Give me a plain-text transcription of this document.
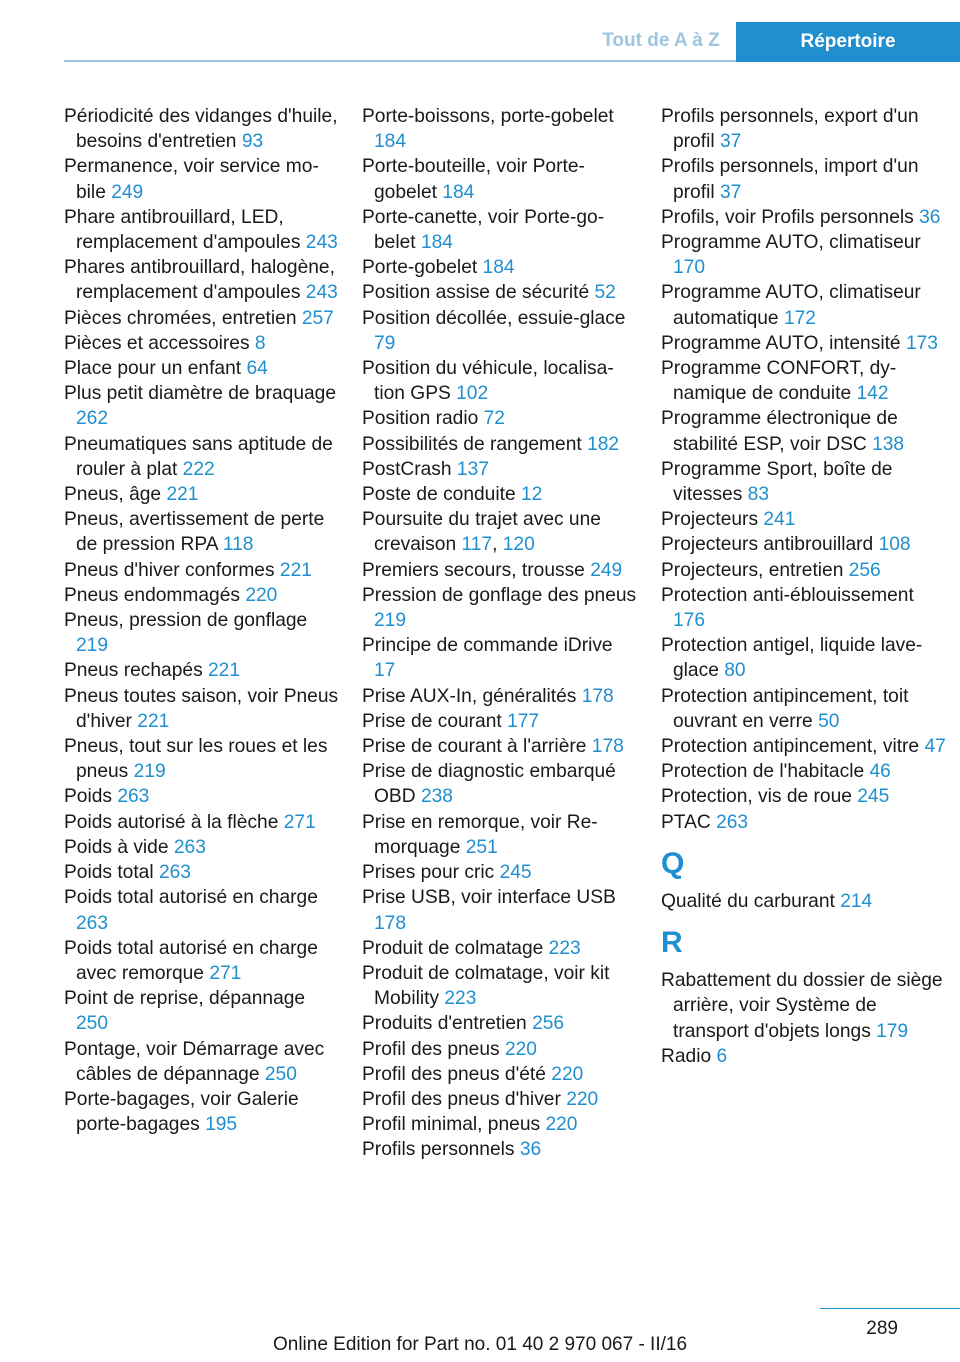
Tout de A à Z	Répertoire
Périodicité des vidanges d'huile, besoins d'entretien 93
Permanence, voir service mobile 249
Phare antibrouillard, LED, remplacement d'ampoules 243
Phares antibrouillard, halogène, remplacement d'ampoules 243
Pièces chromées, entretien 257
Pièces et accessoires 8
Place pour un enfant 64
Plus petit diamètre de braquage 262
Pneumatiques sans aptitude de rouler à plat 222
Pneus, âge 221
Pneus, avertissement de perte de pression RPA 118
Pneus d'hiver conformes 221
Pneus endommagés 220
Pneus, pression de gonflage 219
Pneus rechapés 221
Pneus toutes saison, voir Pneus d'hiver 221
Pneus, tout sur les roues et les pneus 219
Poids 263
Poids autorisé à la flèche 271
Poids à vide 263
Poids total 263
Poids total autorisé en charge 263
Poids total autorisé en charge avec remorque 271
Point de reprise, dépannage 250
Pontage, voir Démarrage avec câbles de dépannage 250
Porte-bagages, voir Galerie porte-bagages 195
Porte-boissons, porte-gobelet 184
Porte-bouteille, voir Porte-gobelet 184
Porte-canette, voir Porte-gobelet 184
Porte-gobelet 184
Position assise de sécurité 52
Position décollée, essuie-glace 79
Position du véhicule, localisation GPS 102
Position radio 72
Possibilités de rangement 182
PostCrash 137
Poste de conduite 12
Poursuite du trajet avec une crevaison 117, 120
Premiers secours, trousse 249
Pression de gonflage des pneus 219
Principe de commande iDrive 17
Prise AUX-In, généralités 178
Prise de courant 177
Prise de courant à l'arrière 178
Prise de diagnostic embarqué OBD 238
Prise en remorque, voir Remorquage 251
Prises pour cric 245
Prise USB, voir interface USB 178
Produit de colmatage 223
Produit de colmatage, voir kit Mobility 223
Produits d'entretien 256
Profil des pneus 220
Profil des pneus d'été 220
Profil des pneus d'hiver 220
Profil minimal, pneus 220
Profils personnels 36
Profils personnels, export d'un profil 37
Profils personnels, import d'un profil 37
Profils, voir Profils personnels 36
Programme AUTO, climatiseur 170
Programme AUTO, climatiseur automatique 172
Programme AUTO, intensité 173
Programme CONFORT, dynamique de conduite 142
Programme électronique de stabilité ESP, voir DSC 138
Programme Sport, boîte de vitesses 83
Projecteurs 241
Projecteurs antibrouillard 108
Projecteurs, entretien 256
Protection anti-éblouissement 176
Protection antigel, liquide lave-glace 80
Protection antipincement, toit ouvrant en verre 50
Protection antipincement, vitre 47
Protection de l'habitacle 46
Protection, vis de roue 245
PTAC 263
Q
Qualité du carburant 214
R
Rabattement du dossier de siège arrière, voir Système de transport d'objets longs 179
Radio 6
289
Online Edition for Part no. 01 40 2 970 067 - II/16
